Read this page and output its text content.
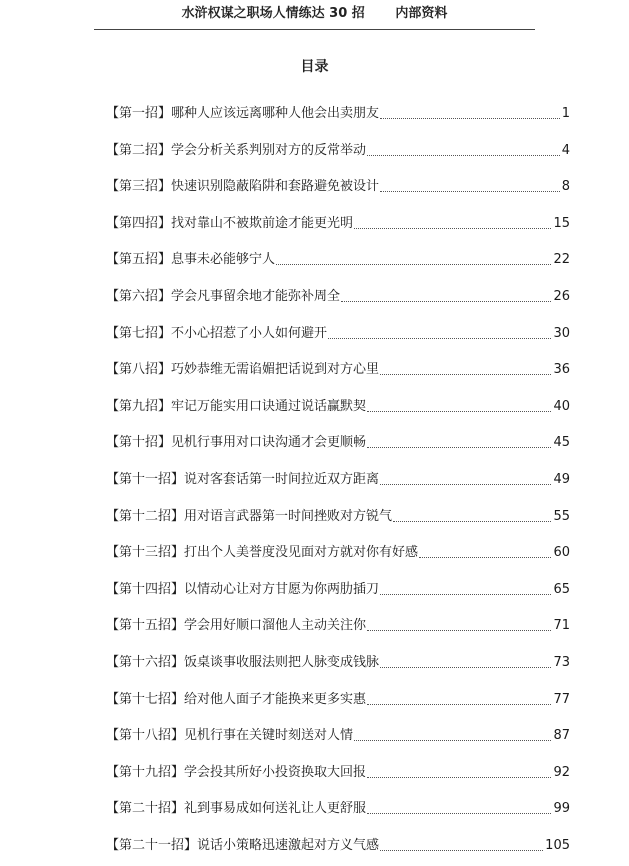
水浒权谋之职场人情练达 30 招 内部资料
目录
【第一招】哪种人应该远离哪种人他会出卖朋友	1
【第二招】学会分析关系判别对方的反常举动	4
【第三招】快速识别隐蔽陷阱和套路避免被设计	8
【第四招】找对靠山不被欺前途才能更光明	15
【第五招】息事未必能够宁人	22
【第六招】学会凡事留余地才能弥补周全	26
【第七招】不小心招惹了小人如何避开	30
【第八招】巧妙恭维无需谄媚把话说到对方心里	36
【第九招】牢记万能实用口诀通过说话赢默契	40
【第十招】见机行事用对口诀沟通才会更顺畅	45
【第十一招】说对客套话第一时间拉近双方距离	49
【第十二招】用对语言武器第一时间挫败对方锐气	55
【第十三招】打出个人美誉度没见面对方就对你有好感	60
【第十四招】以情动心让对方甘愿为你两肋插刀	65
【第十五招】学会用好顺口溜他人主动关注你	71
【第十六招】饭桌谈事收服法则把人脉变成钱脉	73
【第十七招】给对他人面子才能换来更多实惠	77
【第十八招】见机行事在关键时刻送对人情	87
【第十九招】学会投其所好小投资换取大回报	92
【第二十招】礼到事易成如何送礼让人更舒服	99
【第二十一招】说话小策略迅速激起对方义气感	105
